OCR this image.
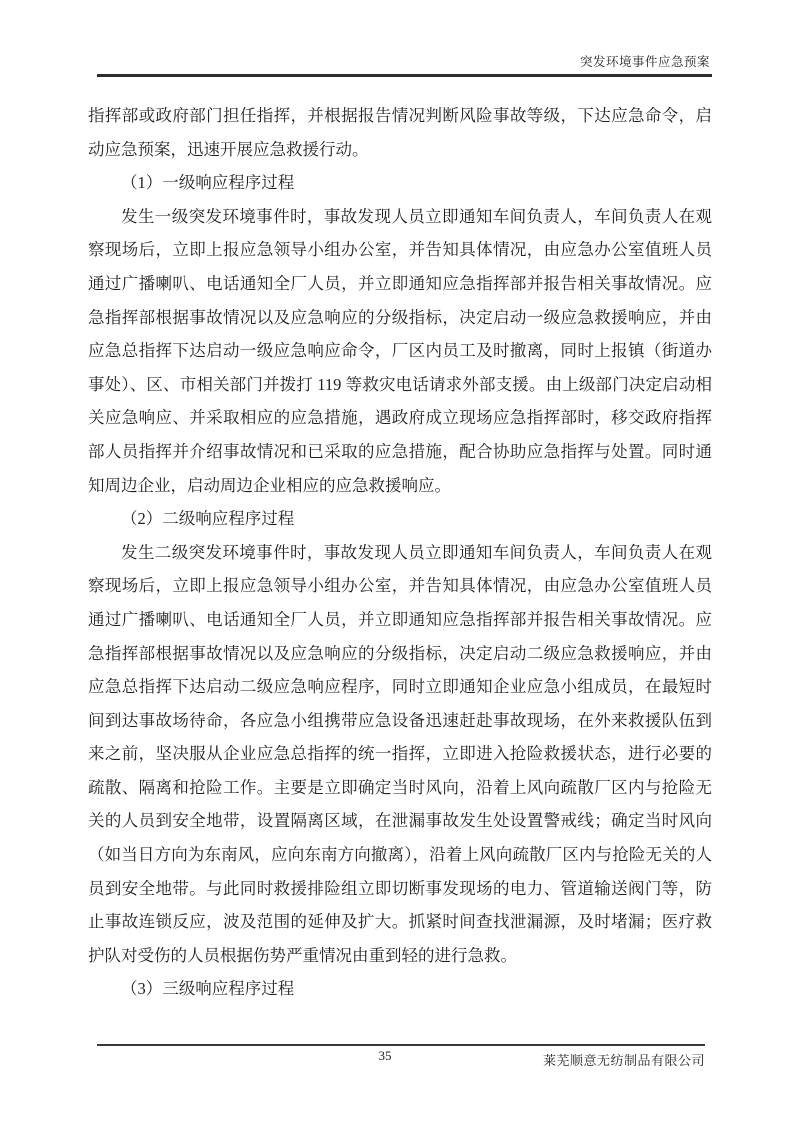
突发环境事件应急预案

指挥部或政府部门担任指挥，并根据报告情况判断风险事故等级，下达应急命令，启动应急预案，迅速开展应急救援行动。

（1）一级响应程序过程

发生一级突发环境事件时，事故发现人员立即通知车间负责人，车间负责人在观察现场后，立即上报应急领导小组办公室，并告知具体情况，由应急办公室值班人员通过广播喇叭、电话通知全厂人员，并立即通知应急指挥部并报告相关事故情况。应急指挥部根据事故情况以及应急响应的分级指标，决定启动一级应急救援响应，并由应急总指挥下达启动一级应急响应命令，厂区内员工及时撤离，同时上报镇（街道办事处）、区、市相关部门并拨打 119 等救灾电话请求外部支援。由上级部门决定启动相关应急响应、并采取相应的应急措施，遇政府成立现场应急指挥部时，移交政府指挥部人员指挥并介绍事故情况和已采取的应急措施，配合协助应急指挥与处置。同时通知周边企业，启动周边企业相应的应急救援响应。

（2）二级响应程序过程

发生二级突发环境事件时，事故发现人员立即通知车间负责人，车间负责人在观察现场后，立即上报应急领导小组办公室，并告知具体情况，由应急办公室值班人员通过广播喇叭、电话通知全厂人员，并立即通知应急指挥部并报告相关事故情况。应急指挥部根据事故情况以及应急响应的分级指标，决定启动二级应急救援响应，并由应急总指挥下达启动二级应急响应程序，同时立即通知企业应急小组成员，在最短时间到达事故场待命，各应急小组携带应急设备迅速赶赴事故现场，在外来救援队伍到来之前，坚决服从企业应急总指挥的统一指挥，立即进入抢险救援状态，进行必要的疏散、隔离和抢险工作。主要是立即确定当时风向，沿着上风向疏散厂区内与抢险无关的人员到安全地带，设置隔离区域，在泄漏事故发生处设置警戒线；确定当时风向（如当日方向为东南风，应向东南方向撤离），沿着上风向疏散厂区内与抢险无关的人员到安全地带。与此同时救援排险组立即切断事发现场的电力、管道输送阀门等，防止事故连锁反应，波及范围的延伸及扩大。抓紧时间查找泄漏源，及时堵漏；医疗救护队对受伤的人员根据伤势严重情况由重到轻的进行急救。

（3）三级响应程序过程

35	莱芜顺意无纺制品有限公司
